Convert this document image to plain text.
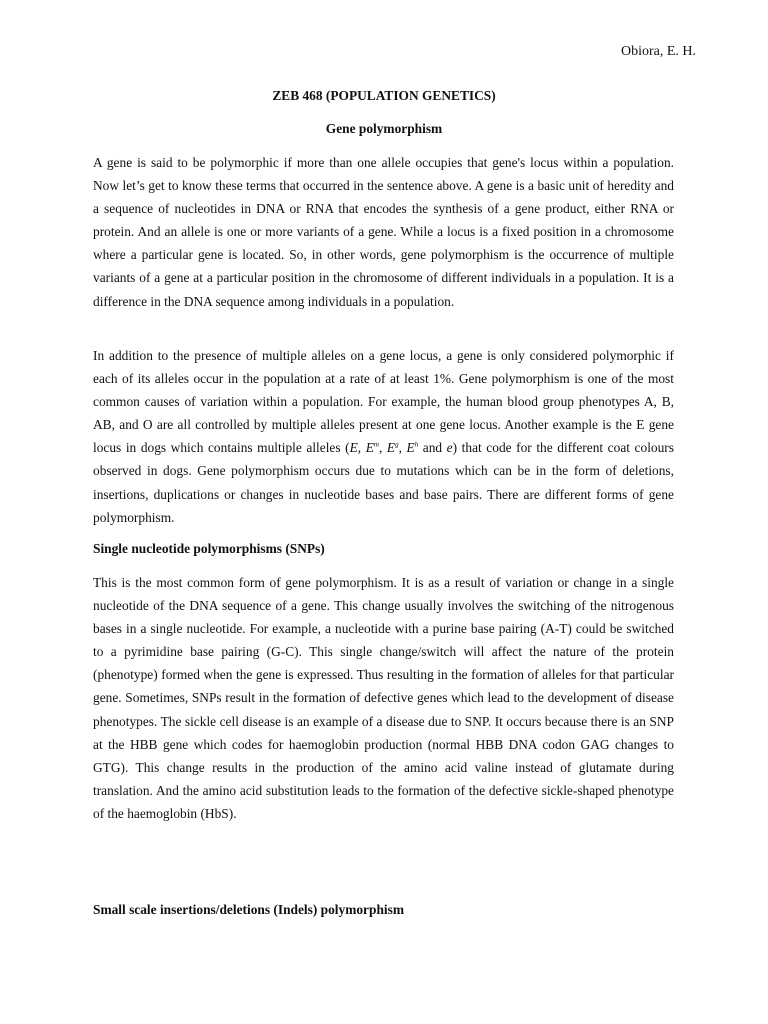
Obiora, E. H.
ZEB 468 (POPULATION GENETICS)
Gene polymorphism

A gene is said to be polymorphic if more than one allele occupies that gene's locus within a population. Now let’s get to know these terms that occurred in the sentence above. A gene is a basic unit of heredity and a sequence of nucleotides in DNA or RNA that encodes the synthesis of a gene product, either RNA or protein. And an allele is one or more variants of a gene. While a locus is a fixed position in a chromosome where a particular gene is located. So, in other words, gene polymorphism is the occurrence of multiple variants of a gene at a particular position in the chromosome of different individuals in a population. It is a difference in the DNA sequence among individuals in a population.

In addition to the presence of multiple alleles on a gene locus, a gene is only considered polymorphic if each of its alleles occur in the population at a rate of at least 1%. Gene polymorphism is one of the most common causes of variation within a population. For example, the human blood group phenotypes A, B, AB, and O are all controlled by multiple alleles present at one gene locus. Another example is the E gene locus in dogs which contains multiple alleles (E, $E^m$, $E^g$, $E^h$ and e) that code for the different coat colours observed in dogs. Gene polymorphism occurs due to mutations which can be in the form of deletions, insertions, duplications or changes in nucleotide bases and base pairs. There are different forms of gene polymorphism.

Single nucleotide polymorphisms (SNPs)

This is the most common form of gene polymorphism. It is as a result of variation or change in a single nucleotide of the DNA sequence of a gene. This change usually involves the switching of the nitrogenous bases in a single nucleotide. For example, a nucleotide with a purine base pairing (A-T) could be switched to a pyrimidine base pairing (G-C). This single change/switch will affect the nature of the protein (phenotype) formed when the gene is expressed. Thus resulting in the formation of alleles for that particular gene. Sometimes, SNPs result in the formation of defective genes which lead to the development of disease phenotypes. The sickle cell disease is an example of a disease due to SNP. It occurs because there is an SNP at the HBB gene which codes for haemoglobin production (normal HBB DNA codon GAG changes to GTG). This change results in the production of the amino acid valine instead of glutamate during translation. And the amino acid substitution leads to the formation of the defective sickle-shaped phenotype of the haemoglobin (HbS).

Small scale insertions/deletions (Indels) polymorphism
